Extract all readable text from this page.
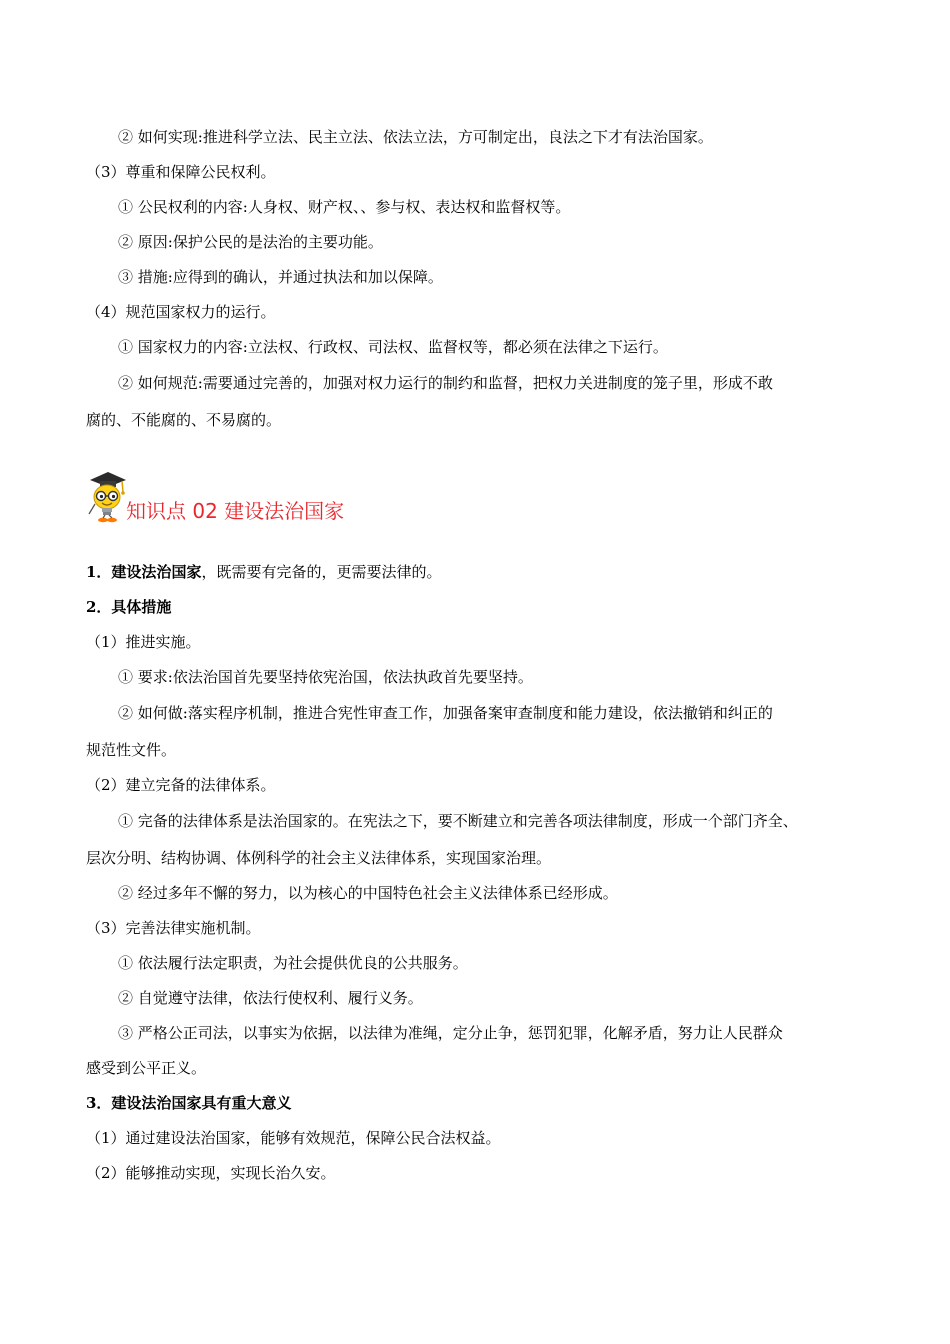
② 如何实现:推进科学立法、民主立法、依法立法，方可制定出，良法之下才有法治国家。
（3）尊重和保障公民权利。
① 公民权利的内容:人身权、财产权、、参与权、表达权和监督权等。
② 原因:保护公民的是法治的主要功能。
③ 措施:应得到的确认，并通过执法和加以保障。
（4）规范国家权力的运行。
① 国家权力的内容:立法权、行政权、司法权、监督权等，都必须在法律之下运行。
② 如何规范:需要通过完善的，加强对权力运行的制约和监督，把权力关进制度的笼子里，形成不敢
腐的、不能腐的、不易腐的。
知识点 02 建设法治国家
1．建设法治国家，既需要有完备的，更需要法律的。
2．具体措施
（1）推进实施。
① 要求:依法治国首先要坚持依宪治国，依法执政首先要坚持。
② 如何做:落实程序机制，推进合宪性审查工作，加强备案审查制度和能力建设，依法撤销和纠正的
规范性文件。
（2）建立完备的法律体系。
① 完备的法律体系是法治国家的。在宪法之下，要不断建立和完善各项法律制度，形成一个部门齐全、
层次分明、结构协调、体例科学的社会主义法律体系，实现国家治理。
② 经过多年不懈的努力，以为核心的中国特色社会主义法律体系已经形成。
（3）完善法律实施机制。
① 依法履行法定职责，为社会提供优良的公共服务。
② 自觉遵守法律，依法行使权利、履行义务。
③ 严格公正司法，以事实为依据，以法律为准绳，定分止争，惩罚犯罪，化解矛盾，努力让人民群众
感受到公平正义。
3．建设法治国家具有重大意义
（1）通过建设法治国家，能够有效规范，保障公民合法权益。
（2）能够推动实现，实现长治久安。
